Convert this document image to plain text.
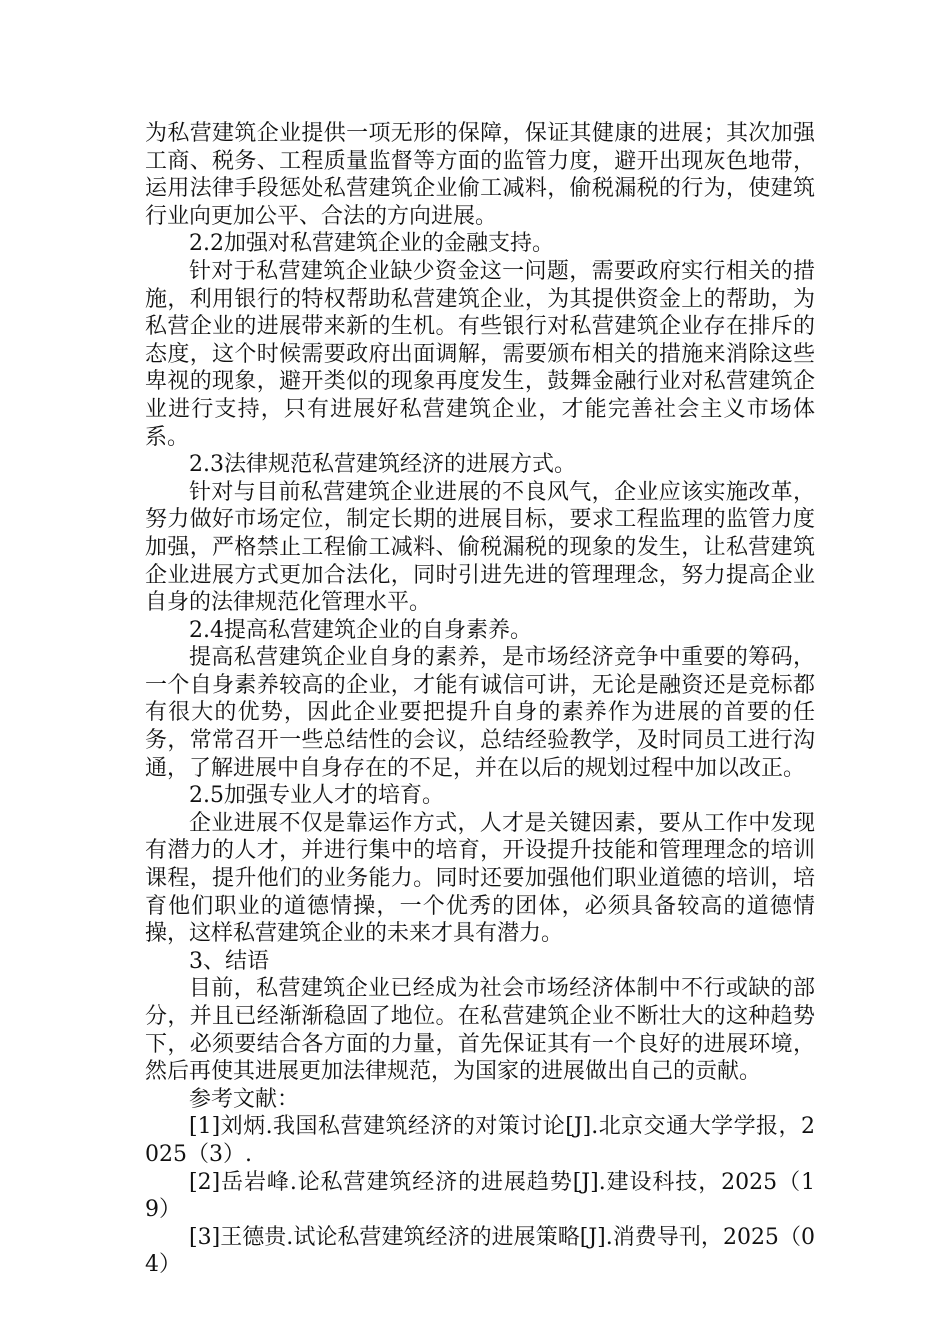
为私营建筑企业提供一项无形的保障，保证其健康的进展；其次加强工商、税务、工程质量监督等方面的监管力度，避开出现灰色地带，运用法律手段惩处私营建筑企业偷工减料，偷税漏税的行为，使建筑行业向更加公平、合法的方向进展。

2.2加强对私营建筑企业的金融支持。

针对于私营建筑企业缺少资金这一问题，需要政府实行相关的措施，利用银行的特权帮助私营建筑企业，为其提供资金上的帮助，为私营企业的进展带来新的生机。有些银行对私营建筑企业存在排斥的态度，这个时候需要政府出面调解，需要颁布相关的措施来消除这些卑视的现象，避开类似的现象再度发生，鼓舞金融行业对私营建筑企业进行支持，只有进展好私营建筑企业，才能完善社会主义市场体系。

2.3法律规范私营建筑经济的进展方式。

针对与目前私营建筑企业进展的不良风气，企业应该实施改革，努力做好市场定位，制定长期的进展目标，要求工程监理的监管力度加强，严格禁止工程偷工减料、偷税漏税的现象的发生，让私营建筑企业进展方式更加合法化，同时引进先进的管理理念，努力提高企业自身的法律规范化管理水平。

2.4提高私营建筑企业的自身素养。

提高私营建筑企业自身的素养，是市场经济竞争中重要的筹码，一个自身素养较高的企业，才能有诚信可讲，无论是融资还是竞标都有很大的优势，因此企业要把提升自身的素养作为进展的首要的任务，常常召开一些总结性的会议，总结经验教学，及时同员工进行沟通，了解进展中自身存在的不足，并在以后的规划过程中加以改正。

2.5加强专业人才的培育。

企业进展不仅是靠运作方式，人才是关键因素，要从工作中发现有潜力的人才，并进行集中的培育，开设提升技能和管理理念的培训课程，提升他们的业务能力。同时还要加强他们职业道德的培训，培育他们职业的道德情操，一个优秀的团体，必须具备较高的道德情操，这样私营建筑企业的未来才具有潜力。

3、结语

目前，私营建筑企业已经成为社会市场经济体制中不行或缺的部分，并且已经渐渐稳固了地位。在私营建筑企业不断壮大的这种趋势下，必须要结合各方面的力量，首先保证其有一个良好的进展环境，然后再使其进展更加法律规范，为国家的进展做出自己的贡献。

参考文献：

[1]刘炳.我国私营建筑经济的对策讨论[J].北京交通大学学报，2025（3）.

[2]岳岩峰.论私营建筑经济的进展趋势[J].建设科技，2025（19）

[3]王德贵.试论私营建筑经济的进展策略[J].消费导刊，2025（04）
